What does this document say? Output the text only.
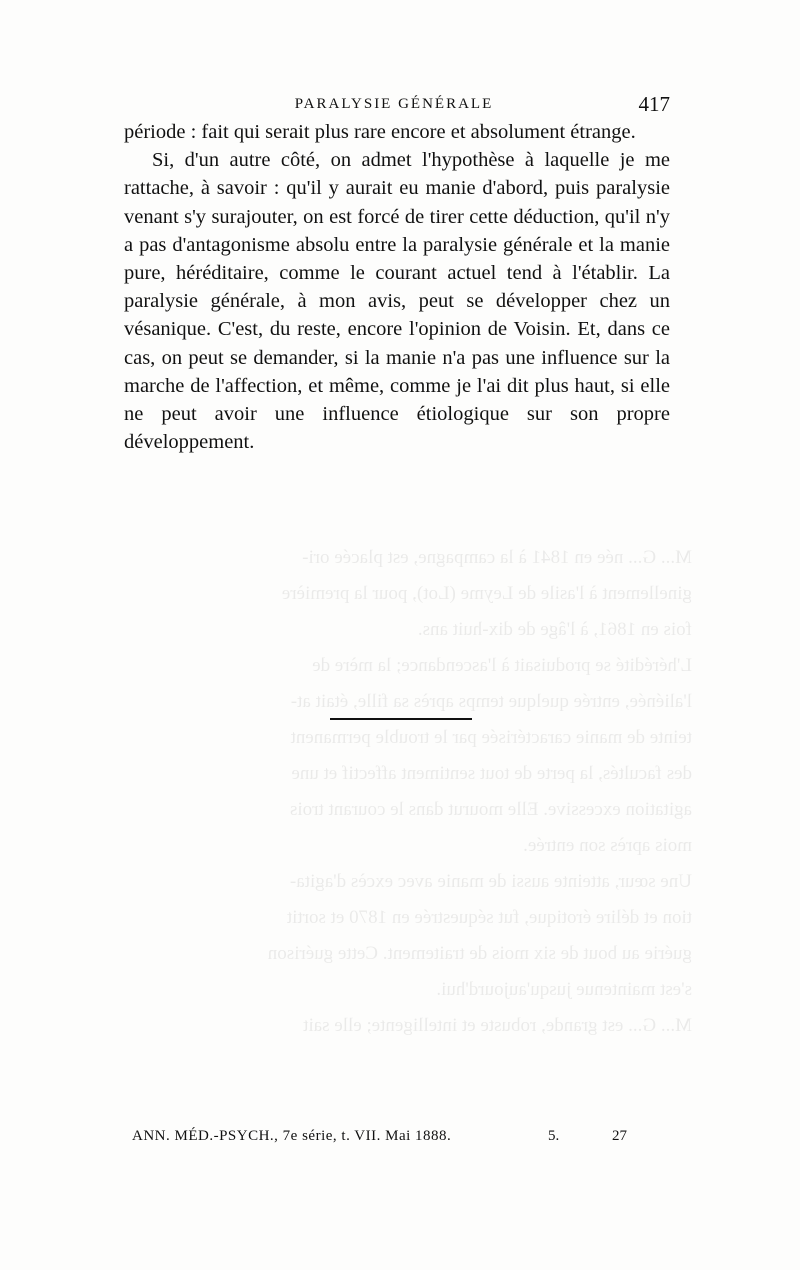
M... G... née en 1841 à la campagne, est placée ori-
ginellement à l'asile de Leyme (Lot), pour la première
fois en 1861, à l'âge de dix-huit ans.
L'hérédité se produisait à l'ascendance; la mère de
l'aliénée, entrée quelque temps après sa fille, était at-
teinte de manie caractérisée par le trouble permanent
des facultés, la perte de tout sentiment affectif et une
agitation excessive. Elle mourut dans le courant trois
mois après son entrée.
Une sœur, atteinte aussi de manie avec excès d'agita-
tion et délire érotique, fut séquestrée en 1870 et sortit
guérie au bout de six mois de traitement. Cette guérison
s'est maintenue jusqu'aujourd'hui.
M... G... est grande, robuste et intelligente; elle sait
PARALYSIE GÉNÉRALE	417

période : fait qui serait plus rare encore et absolument étrange.

Si, d'un autre côté, on admet l'hypothèse à laquelle je me rattache, à savoir : qu'il y aurait eu manie d'abord, puis paralysie venant s'y surajouter, on est forcé de tirer cette déduction, qu'il n'y a pas d'antagonisme absolu entre la paralysie générale et la manie pure, héréditaire, comme le courant actuel tend à l'établir. La paralysie générale, à mon avis, peut se développer chez un vésanique. C'est, du reste, encore l'opinion de Voisin. Et, dans ce cas, on peut se demander, si la manie n'a pas une influence sur la marche de l'affection, et même, comme je l'ai dit plus haut, si elle ne peut avoir une influence étiologique sur son propre développement.

ANN. MÉD.-PSYCH., 7e série, t. VII. Mai 1888.	5.	27
